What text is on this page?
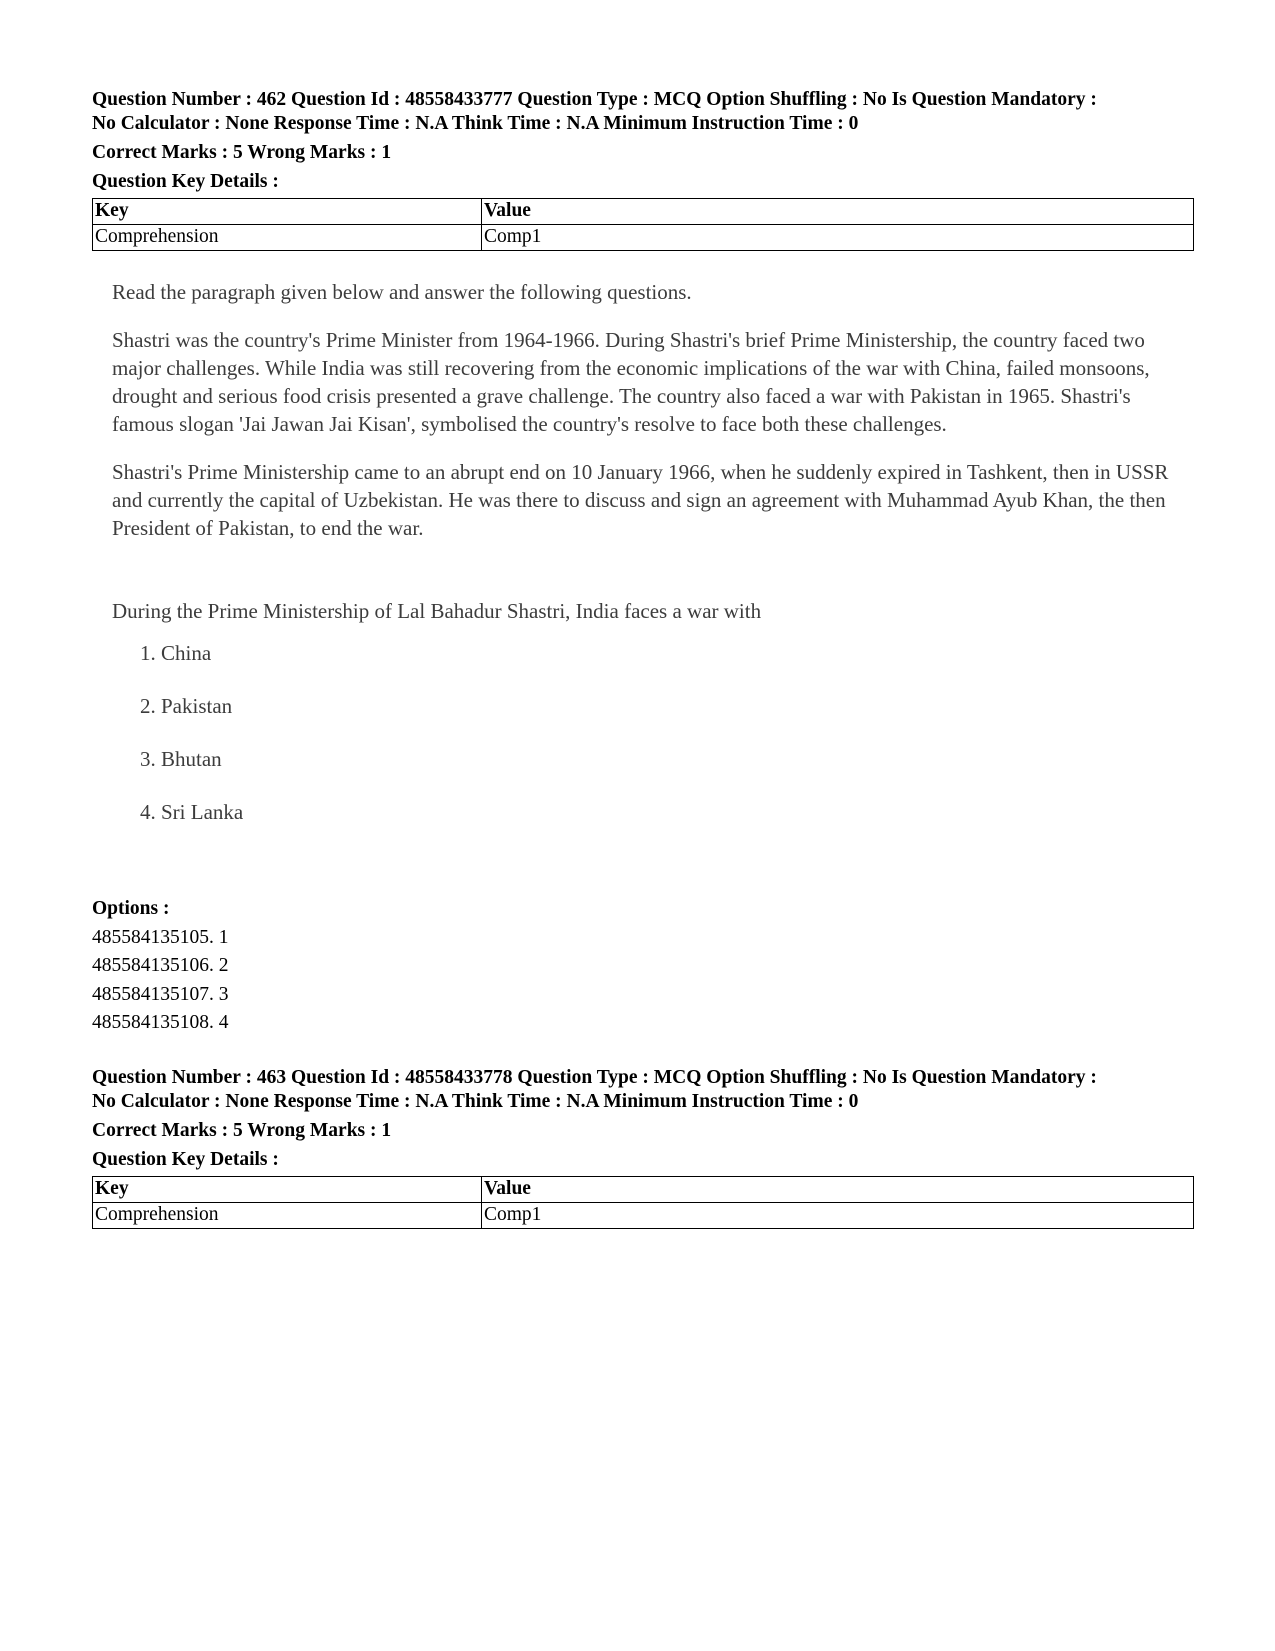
Question Number : 462 Question Id : 48558433777 Question Type : MCQ Option Shuffling : No Is Question Mandatory :
No Calculator : None Response Time : N.A Think Time : N.A Minimum Instruction Time : 0
Correct Marks : 5 Wrong Marks : 1
Question Key Details :
Key	Value
Comprehension	Comp1

Read the paragraph given below and answer the following questions.

Shastri was the country's Prime Minister from 1964-1966. During Shastri's brief Prime Ministership, the country faced two major challenges. While India was still recovering from the economic implications of the war with China, failed monsoons, drought and serious food crisis presented a grave challenge. The country also faced a war with Pakistan in 1965. Shastri's famous slogan 'Jai Jawan Jai Kisan', symbolised the country's resolve to face both these challenges.

Shastri's Prime Ministership came to an abrupt end on 10 January 1966, when he suddenly expired in Tashkent, then in USSR and currently the capital of Uzbekistan. He was there to discuss and sign an agreement with Muhammad Ayub Khan, the then President of Pakistan, to end the war.

During the Prime Ministership of Lal Bahadur Shastri, India faces a war with

1. China
2. Pakistan
3. Bhutan
4. Sri Lanka
Options :
485584135105. 1
485584135106. 2
485584135107. 3
485584135108. 4
Question Number : 463 Question Id : 48558433778 Question Type : MCQ Option Shuffling : No Is Question Mandatory :
No Calculator : None Response Time : N.A Think Time : N.A Minimum Instruction Time : 0
Correct Marks : 5 Wrong Marks : 1
Question Key Details :
Key	Value
Comprehension	Comp1
